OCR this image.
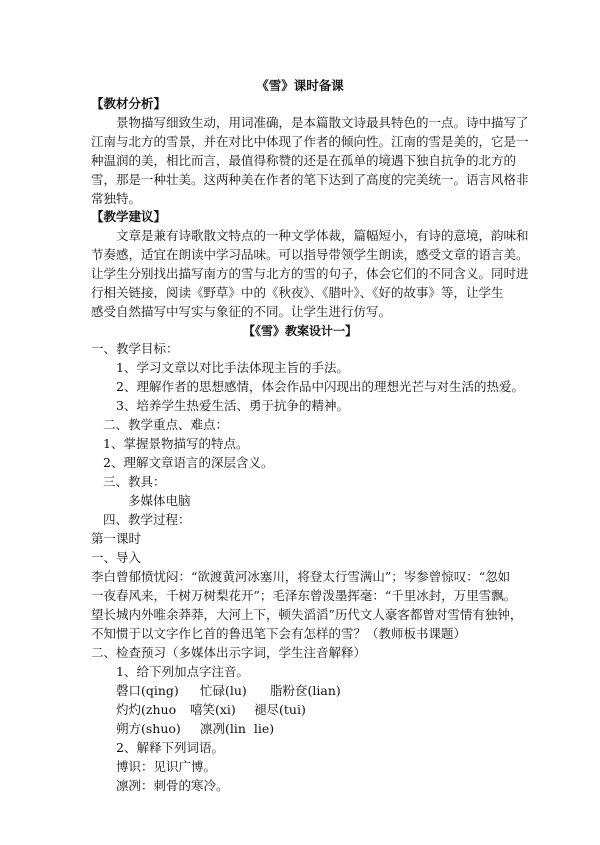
《雪》课时备课
【教材分析】
景物描写细致生动，用词准确，是本篇散文诗最具特色的一点。诗中描写了
江南与北方的雪景，并在对比中体现了作者的倾向性。江南的雪是美的，它是一
种温润的美，相比而言，最值得称赞的还是在孤单的境遇下独自抗争的北方的
雪，那是一种壮美。这两种美在作者的笔下达到了高度的完美统一。语言风格非
常独特。
【教学建议】
文章是兼有诗歌散文特点的一种文学体裁，篇幅短小，有诗的意境，韵味和
节奏感，适宜在朗读中学习品味。可以指导带领学生朗读，感受文章的语言美。
让学生分别找出描写南方的雪与北方的雪的句子，体会它们的不同含义。同时进
行相关链接，阅读《野草》中的《秋夜》、《腊叶》、《好的故事》等，让学生
感受自然描写中写实与象征的不同。让学生进行仿写。
【《雪》教案设计一】
一、教学目标：
1、学习文章以对比手法体现主旨的手法。
2、理解作者的思想感情，体会作品中闪现出的理想光芒与对生活的热爱。
3、培养学生热爱生活、勇于抗争的精神。
二、教学重点、难点：
1、掌握景物描写的特点。
2、理解文章语言的深层含义。
三、教具：
多媒体电脑
四、教学过程：
第一课时
一、导入
李白曾郁愤忧闷：“欲渡黄河冰塞川，将登太行雪满山”；岑参曾惊叹：“忽如
一夜春风来，千树万树梨花开”；毛泽东曾泼墨挥毫：“千里冰封，万里雪飘。
望长城内外唯余莽莽，大河上下，顿失滔滔”历代文人豪客都曾对雪情有独钟，
不知惯于以文字作匕首的鲁迅笔下会有怎样的雪？（教师板书课题）
二、检查预习（多媒体出示字词，学生注音解释）
1、给下列加点字注音。
磬口(qing) 忙碌(lu) 脂粉奁(lian)
灼灼(zhuo 嘻笑(xi) 褪尽(tui)
朔方(shuo) 凛冽(lin  lie)
2、解释下列词语。
博识：见识广博。
凛冽：刺骨的寒冷。
